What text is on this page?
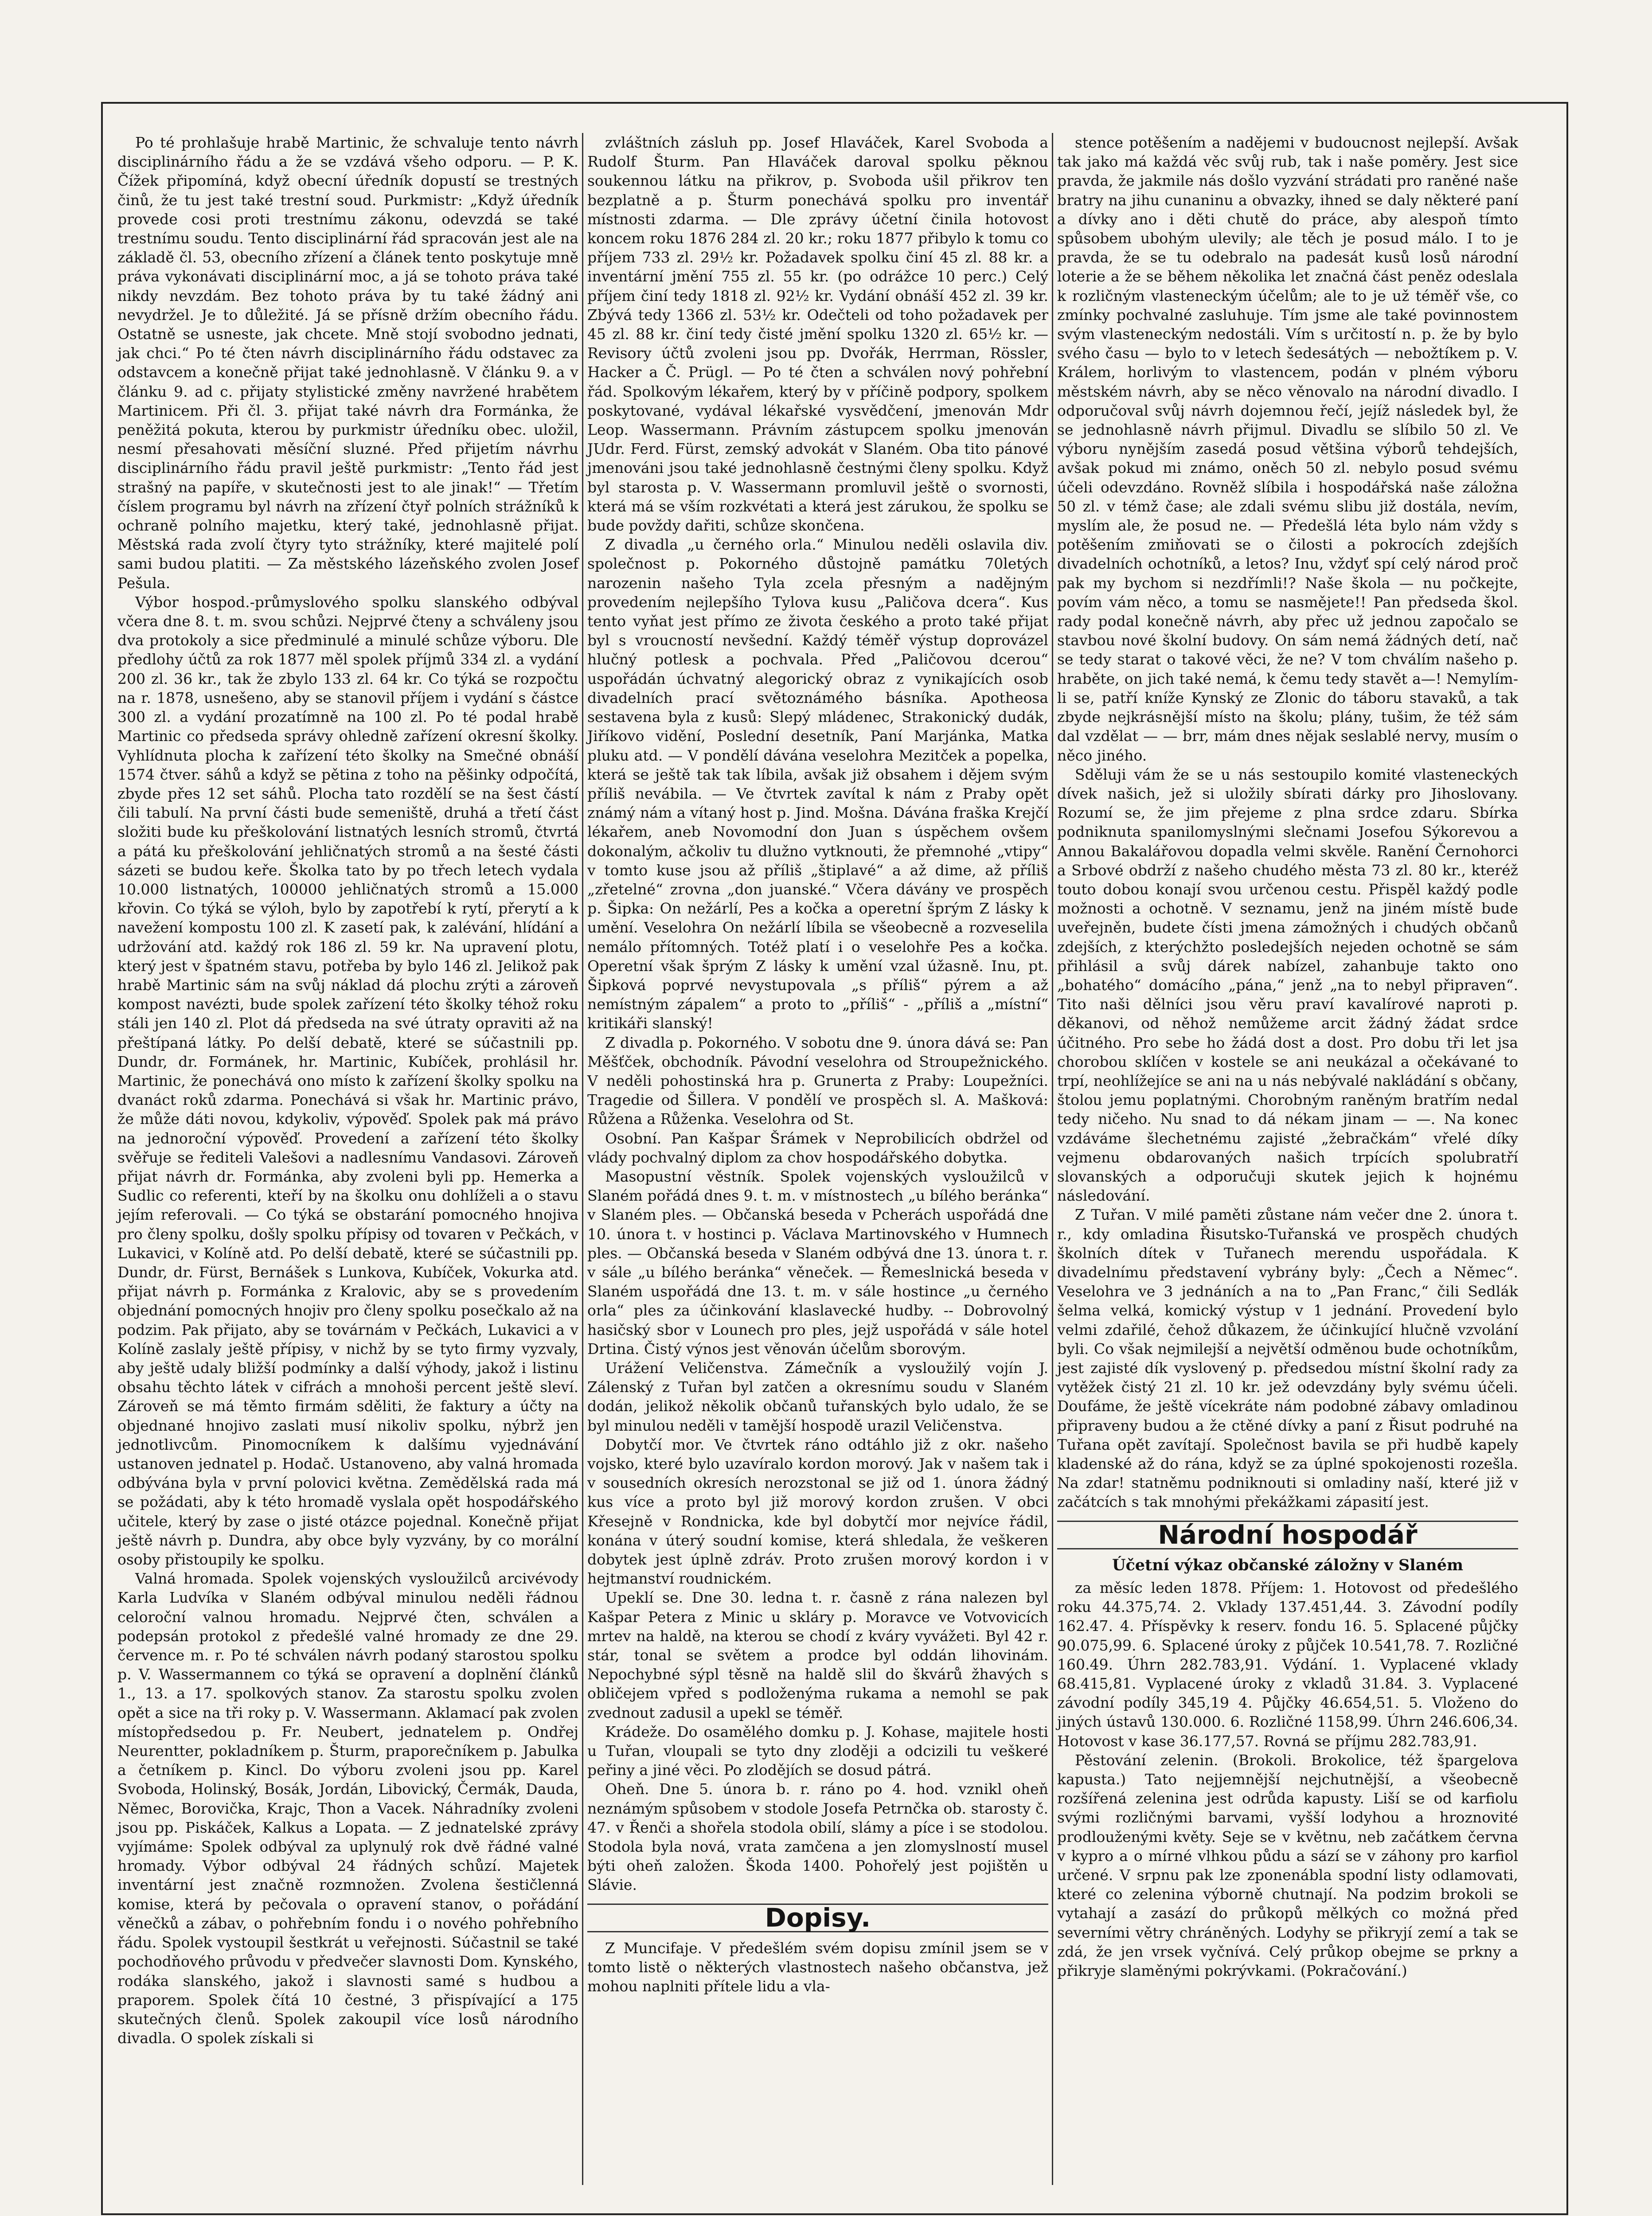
Po té prohlašuje hrabě Martinic, že schvaluje tento návrh disciplinárního řádu a že se vzdává všeho odporu. — P. K. Čížek připomíná, když obecní úředník dopustí se trestných činů, že tu jest také trestní soud. Purkmistr: „Když úředník provede cosi proti trestnímu zákonu, odevzdá se také trestnímu soudu. Tento disciplinární řád spracován jest ale na základě čl. 53, obecního zřízení a článek tento poskytuje mně práva vykonávati disciplinární moc, a já se tohoto práva také nikdy nevzdám. Bez tohoto práva by tu také žádný ani nevydržel. Je to důležité. Já se přísně držím obecního řádu. Ostatně se usneste, jak chcete. Mně stojí svobodno jednati, jak chci.“ Po té čten návrh disciplinárního řádu odstavec za odstavcem a konečně přijat také jednohlasně. V článku 9. a v článku 9. ad c. přijaty stylistické změny navržené hrabětem Martinicem. Při čl. 3. přijat také návrh dra Formánka, že peněžitá pokuta, kterou by purkmistr úředníku obec. uložil, nesmí přesahovati měsíční sluzné. Před přijetím návrhu disciplinárního řádu pravil ještě purkmistr: „Tento řád jest strašný na papíře, v skutečnosti jest to ale jinak!“ — Třetím číslem programu byl návrh na zřízení čtyř polních strážníků k ochraně polního majetku, který také, jednohlasně přijat. Městská rada zvolí čtyry tyto strážníky, které majitelé polí sami budou platiti. — Za městského lázeňského zvolen Josef Pešula.

Výbor hospod.-průmyslového spolku slanského odbýval včera dne 8. t. m. svou schůzi. Nejprvé čteny a schváleny jsou dva protokoly a sice předminulé a minulé schůze výboru. Dle předlohy účtů za rok 1877 měl spolek příjmů 334 zl. a vydání 200 zl. 36 kr., tak že zbylo 133 zl. 64 kr. Co týká se rozpočtu na r. 1878, usnešeno, aby se stanovil příjem i vydání s částce 300 zl. a vydání prozatímně na 100 zl. Po té podal hrabě Martinic co předseda správy ohledně zařízení okresní školky. Vyhlídnuta plocha k zařízení této školky na Smečné obnáší 1574 čtver. sáhů a když se pětina z toho na pěšinky odpočítá, zbyde přes 12 set sáhů. Plocha tato rozdělí se na šest částí čili tabulí. Na první části bude semeniště, druhá a třetí část složiti bude ku přeškolování listnatých lesních stromů, čtvrtá a pátá ku přeškolování jehličnatých stromů a na šesté části sázeti se budou keře. Školka tato by po třech letech vydala 10.000 listnatých, 100000 jehličnatých stromů a 15.000 křovin. Co týká se výloh, bylo by zapotřebí k rytí, přerytí a k navežení kompostu 100 zl. K zasetí pak, k zalévání, hlídání a udržování atd. každý rok 186 zl. 59 kr. Na upravení plotu, který jest v špatném stavu, potřeba by bylo 146 zl. Jelikož pak hrabě Martinic sám na svůj náklad dá plochu zrýti a zároveň kompost navézti, bude spolek zařízení této školky téhož roku stáli jen 140 zl. Plot dá předseda na své útraty opraviti až na přeštípaná látky. Po delší debatě, které se súčastnili pp. Dundr, dr. Formánek, hr. Martinic, Kubíček, prohlásil hr. Martinic, že ponechává ono místo k zařízení školky spolku na dvanáct roků zdarma. Ponechává si však hr. Martinic právo, že může dáti novou, kdykoliv, výpověď. Spolek pak má právo na jednoroční výpověď. Provedení a zařízení této školky svěřuje se řediteli Valešovi a nadlesnímu Vandasovi. Zároveň přijat návrh dr. Formánka, aby zvoleni byli pp. Hemerka a Sudlic co referenti, kteří by na školku onu dohlíželi a o stavu jejím referovali. — Co týká se obstarání pomocného hnojiva pro členy spolku, došly spolku přípisy od tovaren v Pečkách, v Lukavici, v Kolíně atd. Po delší debatě, které se súčastnili pp. Dundr, dr. Fürst, Bernášek s Lunkova, Kubíček, Vokurka atd. přijat návrh p. Formánka z Kralovic, aby se s provedením objednání pomocných hnojiv pro členy spolku posečkalo až na podzim. Pak přijato, aby se továrnám v Pečkách, Lukavici a v Kolíně zaslaly ještě přípisy, v nichž by se tyto firmy vyzvaly, aby ještě udaly bližší podmínky a další výhody, jakož i listinu obsahu těchto látek v cifrách a mnohoši percent ještě sleví. Zároveň se má těmto firmám sděliti, že faktury a účty na objednané hnojivo zaslati musí nikoliv spolku, nýbrž jen jednotlivcům. Pinomocníkem k dalšímu vyjednávání ustanoven jednatel p. Hodač. Ustanoveno, aby valná hromada odbývána byla v první polovici května. Zemědělská rada má se požádati, aby k této hromadě vyslala opět hospodářského učitele, který by zase o jisté otázce pojednal. Konečně přijat ještě návrh p. Dundra, aby obce byly vyzvány, by co morální osoby přistoupily ke spolku.

Valná hromada. Spolek vojenských vysloužilců arcivévody Karla Ludvíka v Slaném odbýval minulou neděli řádnou celoroční valnou hromadu. Nejprvé čten, schválen a podepsán protokol z předešlé valné hromady ze dne 29. července m. r. Po té schválen návrh podaný starostou spolku p. V. Wassermannem co týká se opravení a doplnění článků 1., 13. a 17. spolkových stanov. Za starostu spolku zvolen opět a sice na tři roky p. V. Wassermann. Aklamací pak zvolen místopředsedou p. Fr. Neubert, jednatelem p. Ondřej Neurentter, pokladníkem p. Šturm, praporečníkem p. Jabulka a četníkem p. Kincl. Do výboru zvoleni jsou pp. Karel Svoboda, Holinský, Bosák, Jordán, Libovický, Čermák, Dauda, Němec, Borovička, Krajc, Thon a Vacek. Náhradníky zvoleni jsou pp. Piskáček, Kalkus a Lopata. — Z jednatelské zprávy vyjímáme: Spolek odbýval za uplynulý rok dvě řádné valné hromady. Výbor odbýval 24 řádných schůzí. Majetek inventární jest značně rozmnožen. Zvolena šestičlenná komise, která by pečovala o opravení stanov, o pořádání věnečků a zábav, o pohřebním fondu i o nového pohřebního řádu. Spolek vystoupil šestkrát u veřejnosti. Súčastnil se také pochodňového průvodu v předvečer slavnosti Dom. Kynského, rodáka slanského, jakož i slavnosti samé s hudbou a praporem. Spolek čítá 10 čestné, 3 přispívající a 175 skutečných členů. Spolek zakoupil více losů národního divadla. O spolek získali si

zvláštních zásluh pp. Josef Hlaváček, Karel Svoboda a Rudolf Šturm. Pan Hlaváček daroval spolku pěknou soukennou látku na přikrov, p. Svoboda ušil přikrov ten bezplatně a p. Šturm ponechává spolku pro inventář místnosti zdarma. — Dle zprávy účetní činila hotovost koncem roku 1876 284 zl. 20 kr.; roku 1877 přibylo k tomu co příjem 733 zl. 29½ kr. Požadavek spolku činí 45 zl. 88 kr. a inventární jmění 755 zl. 55 kr. (po odrážce 10 perc.) Celý příjem činí tedy 1818 zl. 92½ kr. Vydání obnáší 452 zl. 39 kr. Zbývá tedy 1366 zl. 53½ kr. Odečteli od toho požadavek per 45 zl. 88 kr. činí tedy čisté jmění spolku 1320 zl. 65½ kr. — Revisory účtů zvoleni jsou pp. Dvořák, Herrman, Rössler, Hacker a Č. Prügl. — Po té čten a schválen nový pohřební řád. Spolkovým lékařem, který by v příčině podpory, spolkem poskytované, vydával lékařské vysvědčení, jmenován Mdr Leop. Wassermann. Právním zástupcem spolku jmenován JUdr. Ferd. Fürst, zemský advokát v Slaném. Oba tito pánové jmenováni jsou také jednohlasně čestnými členy spolku. Když byl starosta p. V. Wassermann promluvil ještě o svornosti, která má se vším rozkvétati a která jest zárukou, že spolku se bude povždy dařiti, schůze skončena.

Z divadla „u černého orla.“ Minulou neděli oslavila div. společnost p. Pokorného důstojně památku 70letých narozenin našeho Tyla zcela přesným a nadějným provedením nejlepšího Tylova kusu „Paličova dcera“. Kus tento vyňat jest přímo ze života českého a proto také přijat byl s vroucností nevšední. Každý téměř výstup doprovázel hlučný potlesk a pochvala. Před „Paličovou dcerou“ uspořádán úchvatný alegorický obraz z vynikajících osob divadelních prací světoznámého básníka. Apotheosa sestavena byla z kusů: Slepý mládenec, Strakonický dudák, Jiříkovo vidění, Poslední desetník, Paní Marjánka, Matka pluku atd. — V pondělí dávána veselohra Mezitček a popelka, která se ještě tak tak líbila, avšak již obsahem i dějem svým příliš nevábila. — Ve čtvrtek zavítal k nám z Praby opět známý nám a vítaný host p. Jind. Mošna. Dávána fraška Krejčí lékařem, aneb Novomodní don Juan s úspěchem ovšem dokonalým, ačkoliv tu dlužno vytknouti, že přemnohé „vtipy“ v tomto kuse jsou až příliš „štiplavé“ a až dime, až příliš „zřetelné“ zrovna „don juanské.“ Včera dávány ve prospěch p. Šipka: On nežárlí, Pes a kočka a operetní šprým Z lásky k umění. Veselohra On nežárlí líbila se všeobecně a rozveselila nemálo přítomných. Totéž platí i o veselohře Pes a kočka. Operetní však šprým Z lásky k umění vzal úžasně. Inu, pt. Šipková poprvé nevystupovala „s příliš“ pýrem a až nemístným zápalem“ a proto to „příliš“ - „příliš a „místní“ kritikáři slanský!

Z divadla p. Pokorného. V sobotu dne 9. února dává se: Pan Měšťček, obchodník. Pávodní veselohra od Stroupežnického. V neděli pohostinská hra p. Grunerta z Praby: Loupežníci. Tragedie od Šillera. V pondělí ve prospěch sl. A. Mašková: Růžena a Růženka. Veselohra od St.

Osobní. Pan Kašpar Šrámek v Neprobilicích obdržel od vlády pochvalný diplom za chov hospodářského dobytka.

Masopustní věstník. Spolek vojenských vysloužilců v Slaném pořádá dnes 9. t. m. v místnostech „u bílého beránka“ v Slaném ples. — Občanská beseda v Pcherách uspořádá dne 10. února t. v hostinci p. Václava Martinovského v Humnech ples. — Občanská beseda v Slaném odbývá dne 13. února t. r. v sále „u bílého beránka“ věneček. — Řemeslnická beseda v Slaném uspořádá dne 13. t. m. v sále hostince „u černého orla“ ples za účinkování klaslavecké hudby. -- Dobrovolný hasičský sbor v Lounech pro ples, jejž uspořádá v sále hotel Drtina. Čistý výnos jest věnován účelům sborovým.

Urážení Veličenstva. Zámečník a vysloužilý vojín J. Zálenský z Tuřan byl zatčen a okresnímu soudu v Slaném dodán, jelikož několik občanů tuřanských bylo udalo, že se byl minulou neděli v tamější hospodě urazil Veličenstva.

Dobytčí mor. Ve čtvrtek ráno odtáhlo již z okr. našeho vojsko, které bylo uzavíralo kordon morový. Jak v našem tak i v sousedních okresích nerozstonal se již od 1. února žádný kus více a proto byl již morový kordon zrušen. V obci Křesejně v Rondnicka, kde byl dobytčí mor nejvíce řádil, konána v úterý soudní komise, která shledala, že veškeren dobytek jest úplně zdráv. Proto zrušen morový kordon i v hejtmanství roudnickém.

Upeklí se. Dne 30. ledna t. r. časně z rána nalezen byl Kašpar Petera z Minic u skláry p. Moravce ve Votvovicích mrtev na haldě, na kterou se chodí z kváry vyvážeti. Byl 42 r. stár, tonal se světem a prodce byl oddán lihovinám. Nepochybné sýpl těsně na haldě slil do škvárů žhavých s obličejem vpřed s podloženýma rukama a nemohl se pak zvednout zadusil a upekl se téměř.

Krádeže. Do osamělého domku p. J. Kohase, majitele hosti u Tuřan, vloupali se tyto dny zloději a odcizili tu veškeré peřiny a jiné věci. Po zlodějích se dosud pátrá.

Oheň. Dne 5. února b. r. ráno po 4. hod. vznikl oheň neznámým spůsobem v stodole Josefa Petrnčka ob. starosty č. 47. v Řenči a shořela stodola obilí, slámy a píce i se stodolou. Stodola byla nová, vrata zamčena a jen zlomyslností musel býti oheň založen. Škoda 1400. Pohořelý jest pojištěn u Slávie.

Dopisy.

Z Muncifaje. V předešlém svém dopisu zmínil jsem se v tomto listě o některých vlastnostech našeho občanstva, jež mohou naplniti přítele lidu a vla-

stence potěšením a nadějemi v budoucnost nejlepší. Avšak tak jako má každá věc svůj rub, tak i naše poměry. Jest sice pravda, že jakmile nás došlo vyzvání strádati pro raněné naše bratry na jihu cunaninu a obvazky, ihned se daly některé paní a dívky ano i děti chutě do práce, aby alespoň tímto spůsobem ubohým ulevily; ale těch je posud málo. I to je pravda, že se tu odebralo na padesát kusů losů národní loterie a že se během několika let značná část peněz odeslala k rozličným vlasteneckým účelům; ale to je už téměř vše, co zmínky pochvalné zasluhuje. Tím jsme ale také povinnostem svým vlasteneckým nedostáli. Vím s určitostí n. p. že by bylo svého času — bylo to v letech šedesátých — nebožtíkem p. V. Králem, horlivým to vlastencem, podán v plném výboru městském návrh, aby se něco věnovalo na národní divadlo. I odporučoval svůj návrh dojemnou řečí, jejíž následek byl, že se jednohlasně návrh přijmul. Divadlu se slíbilo 50 zl. Ve výboru nynějším zasedá posud většina výborů tehdejších, avšak pokud mi známo, oněch 50 zl. nebylo posud svému účeli odevzdáno. Rovněž slíbila i hospodářská naše záložna 50 zl. v témž čase; ale zdali svému slibu již dostála, nevím, myslím ale, že posud ne. — Předešlá léta bylo nám vždy s potěšením zmiňovati se o čilosti a pokrocích zdejších divadelních ochotníků, a letos? Inu, vždyť spí celý národ proč pak my bychom si nezdřímli!? Naše škola — nu počkejte, povím vám něco, a tomu se nasmějete!! Pan předseda škol. rady podal konečně návrh, aby přec už jednou započalo se stavbou nové školní budovy. On sám nemá žádných detí, nač se tedy starat o takové věci, že ne? V tom chválím našeho p. hraběte, on jich také nemá, k čemu tedy stavět a—! Nemylím-li se, patří kníže Kynský ze Zlonic do táboru stavaků, a tak zbyde nejkrásnější místo na školu; plány, tušim, že též sám dal vzdělat — — brr, mám dnes nějak seslablé nervy, musím o něco jiného.

Sděluji vám že se u nás sestoupilo komité vlasteneckých dívek našich, jež si uložily sbírati dárky pro Jihoslovany. Rozumí se, že jim přejeme z plna srdce zdaru. Sbírka podniknuta spanilomyslnými slečnami Josefou Sýkorevou a Annou Bakalářovou dopadla velmi skvěle. Ranění Černohorci a Srbové obdrží z našeho chudého města 73 zl. 80 kr., kteréž touto dobou konají svou určenou cestu. Přispěl každý podle možnosti a ochotně. V seznamu, jenž na jiném místě bude uveřejněn, budete čísti jmena zámožných i chudých občanů zdejších, z kterýchžto posledejších nejeden ochotně se sám přihlásil a svůj dárek nabízel, zahanbuje takto ono „bohatého“ domácího „pána,“ jenž „na to nebyl připraven“. Tito naši dělníci jsou věru praví kavalírové naproti p. děkanovi, od něhož nemůžeme arcit žádný žádat srdce účitného. Pro sebe ho žádá dost a dost. Pro dobu tři let jsa chorobou sklíčen v kostele se ani neukázal a očekávané to trpí, neohlížejíce se ani na u nás nebývalé nakládání s občany, štolou jemu poplatnými. Chorobným raněným bratřím nedal tedy ničeho. Nu snad to dá nékam jinam — —. Na konec vzdáváme šlechetnému zajisté „žebračkám“ vřelé díky vejmenu obdarovaných našich trpících spolubratří slovanských a odporučuji skutek jejich k hojnému následování.

Z Tuřan. V milé paměti zůstane nám večer dne 2. února t. r., kdy omladina Řisutsko-Tuřanská ve prospěch chudých školních dítek v Tuřanech merendu uspořádala. K divadelnímu představení vybrány byly: „Čech a Němec“. Veselohra ve 3 jednáních a na to „Pan Franc,“ čili Sedlák šelma velká, komický výstup v 1 jednání. Provedení bylo velmi zdařilé, čehož důkazem, že účinkující hlučně vzvolání byli. Co však nejmilejší a největší odměnou bude ochotníkům, jest zajisté dík vyslovený p. předsedou místní školní rady za vytěžek čistý 21 zl. 10 kr. jež odevzdány byly svému účeli. Doufáme, že ještě vícekráte nám podobné zábavy omladinou připraveny budou a že ctěné dívky a paní z Řisut podruhé na Tuřana opět zavítají. Společnost bavila se při hudbě kapely kladenské až do rána, když se za úplné spokojenosti rozešla. Na zdar! statněmu podniknouti si omladiny naší, které již v začátcích s tak mnohými překážkami zápasití jest.

Národní hospodář

Účetní výkaz občanské záložny v Slaném

za měsíc leden 1878. Příjem: 1. Hotovost od předešlého roku 44.375,74. 2. Vklady 137.451,44. 3. Závodní podíly 162.47. 4. Příspěvky k reserv. fondu 16. 5. Splacené půjčky 90.075,99. 6. Splacené úroky z půjček 10.541,78. 7. Rozličné 160.49. Úhrn 282.783,91. Výdání. 1. Vyplacené vklady 68.415,81. Vyplacené úroky z vkladů 31.84. 3. Vyplacené závodní podíly 345,19 4. Půjčky 46.654,51. 5. Vloženo do jiných ústavů 130.000. 6. Rozličné 1158,99. Úhrn 246.606,34. Hotovost v kase 36.177,57. Rovná se příjmu 282.783,91.

Pěstování zelenin. (Brokoli. Brokolice, též špargelova kapusta.) Tato nejjemnější nejchutnější, a všeobecně rozšířená zelenina jest odrůda kapusty. Liší se od karfiolu svými rozličnými barvami, vyšší lodyhou a hroznovité prodlouženými květy. Seje se v květnu, neb začátkem června v kypro a o mírné vlhkou půdu a sází se v záhony pro karfiol určené. V srpnu pak lze zponenábla spodní listy odlamovati, které co zelenina výborně chutnají. Na podzim brokoli se vytahají a zasází do průkopů mělkých co možná před severními větry chráněných. Lodyhy se přikryjí zemí a tak se zdá, že jen vrsek vyčnívá. Celý průkop obejme se prkny a přikryje slaměnými pokrývkami. (Pokračování.)
